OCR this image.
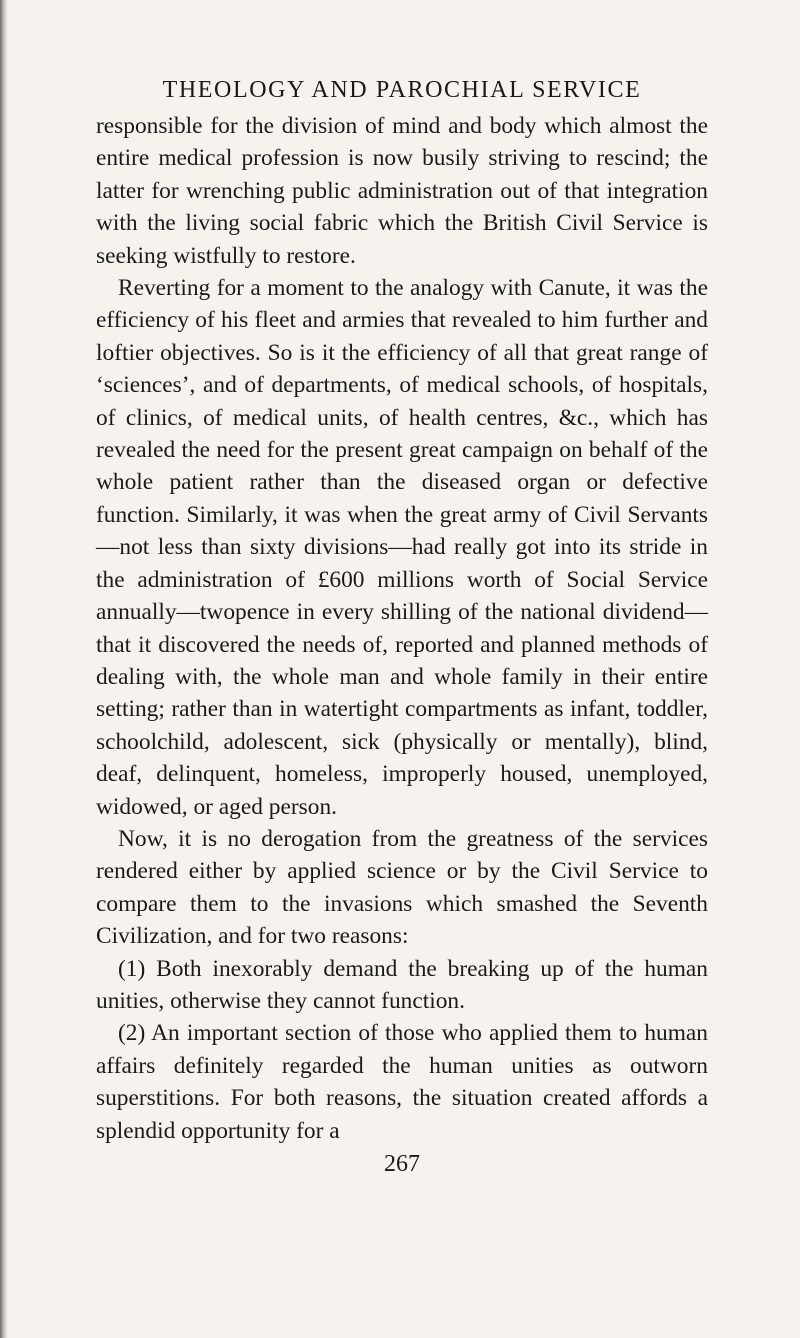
THEOLOGY AND PAROCHIAL SERVICE

responsible for the division of mind and body which almost the entire medical profession is now busily striving to rescind; the latter for wrenching public administration out of that integration with the living social fabric which the British Civil Service is seeking wistfully to restore.

Reverting for a moment to the analogy with Canute, it was the efficiency of his fleet and armies that revealed to him further and loftier objectives. So is it the efficiency of all that great range of ‘sciences’, and of departments, of medical schools, of hospitals, of clinics, of medical units, of health centres, &c., which has revealed the need for the present great campaign on behalf of the whole patient rather than the diseased organ or defective function. Similarly, it was when the great army of Civil Servants—not less than sixty divisions—had really got into its stride in the administration of £600 millions worth of Social Service annually—twopence in every shilling of the national dividend—that it discovered the needs of, reported and planned methods of dealing with, the whole man and whole family in their entire setting; rather than in watertight compartments as infant, toddler, schoolchild, adolescent, sick (physically or mentally), blind, deaf, delinquent, homeless, improperly housed, unemployed, widowed, or aged person.

Now, it is no derogation from the greatness of the services rendered either by applied science or by the Civil Service to compare them to the invasions which smashed the Seventh Civilization, and for two reasons:

(1) Both inexorably demand the breaking up of the human unities, otherwise they cannot function.

(2) An important section of those who applied them to human affairs definitely regarded the human unities as outworn superstitions. For both reasons, the situation created affords a splendid opportunity for a

267
